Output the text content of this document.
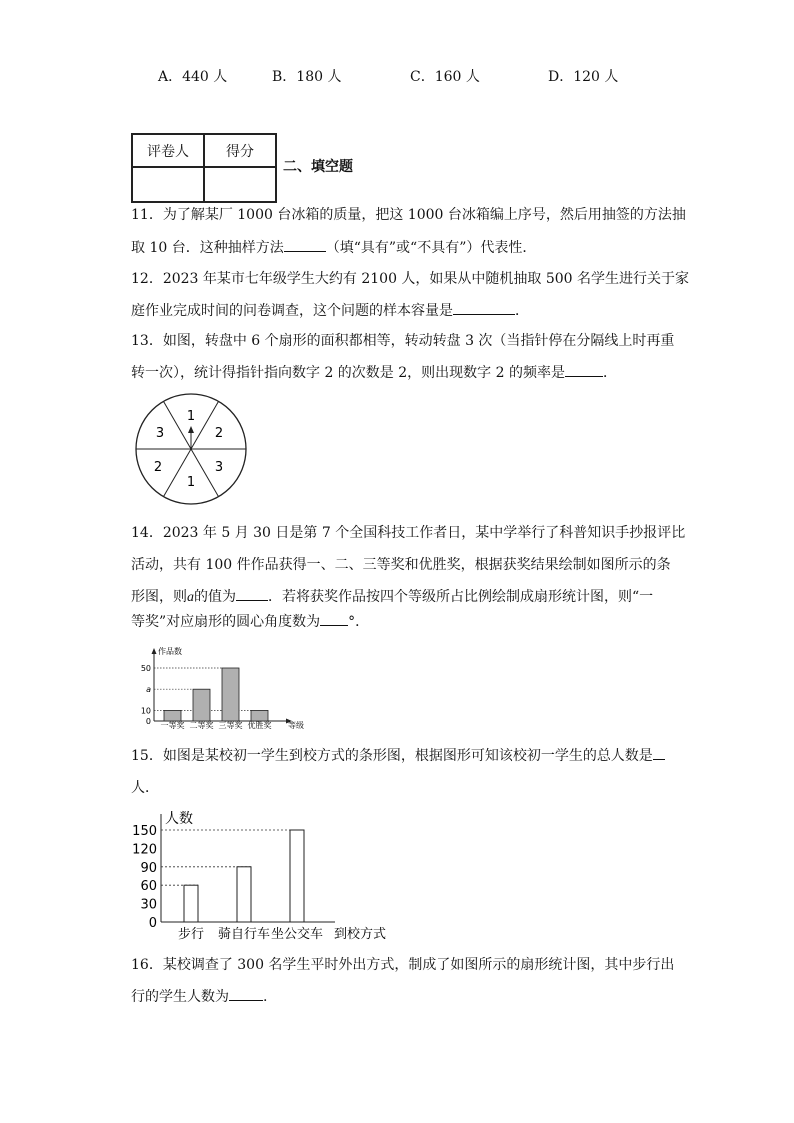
A．440 人	B．180 人	C．160 人	D．120 人
评卷人	得分

二、填空题
11．为了解某厂 1000 台冰箱的质量，把这 1000 台冰箱编上序号，然后用抽签的方法抽
取 10 台．这种抽样方法	（填“具有”或“不具有”）代表性．
12．2023 年某市七年级学生大约有 2100 人，如果从中随机抽取 500 名学生进行关于家
庭作业完成时间的问卷调查，这个问题的样本容量是	．
13．如图，转盘中 6 个扇形的面积都相等，转动转盘 3 次（当指针停在分隔线上时再重
转一次），统计得指针指向数字 2 的次数是 2，则出现数字 2 的频率是	．
1
2
3
1
2
3
14．2023 年 5 月 30 日是第 7 个全国科技工作者日，某中学举行了科普知识手抄报评比
活动，共有 100 件作品获得一、二、三等奖和优胜奖，根据获奖结果绘制如图所示的条
形图，则a的值为 ．若将获奖作品按四个等级所占比例绘制成扇形统计图，则“一
等奖”对应扇形的圆心角度数为 °．
作品数
等级
0
10
a
50
一等奖 二等奖 三等奖 优胜奖
15．如图是某校初一学生到校方式的条形图，根据图形可知该校初一学生的总人数是
人．
人数
到校方式
0
30
60
90
120
150
步行 骑自行车 坐公交车
16．某校调查了 300 名学生平时外出方式，制成了如图所示的扇形统计图，其中步行出
行的学生人数为 .
